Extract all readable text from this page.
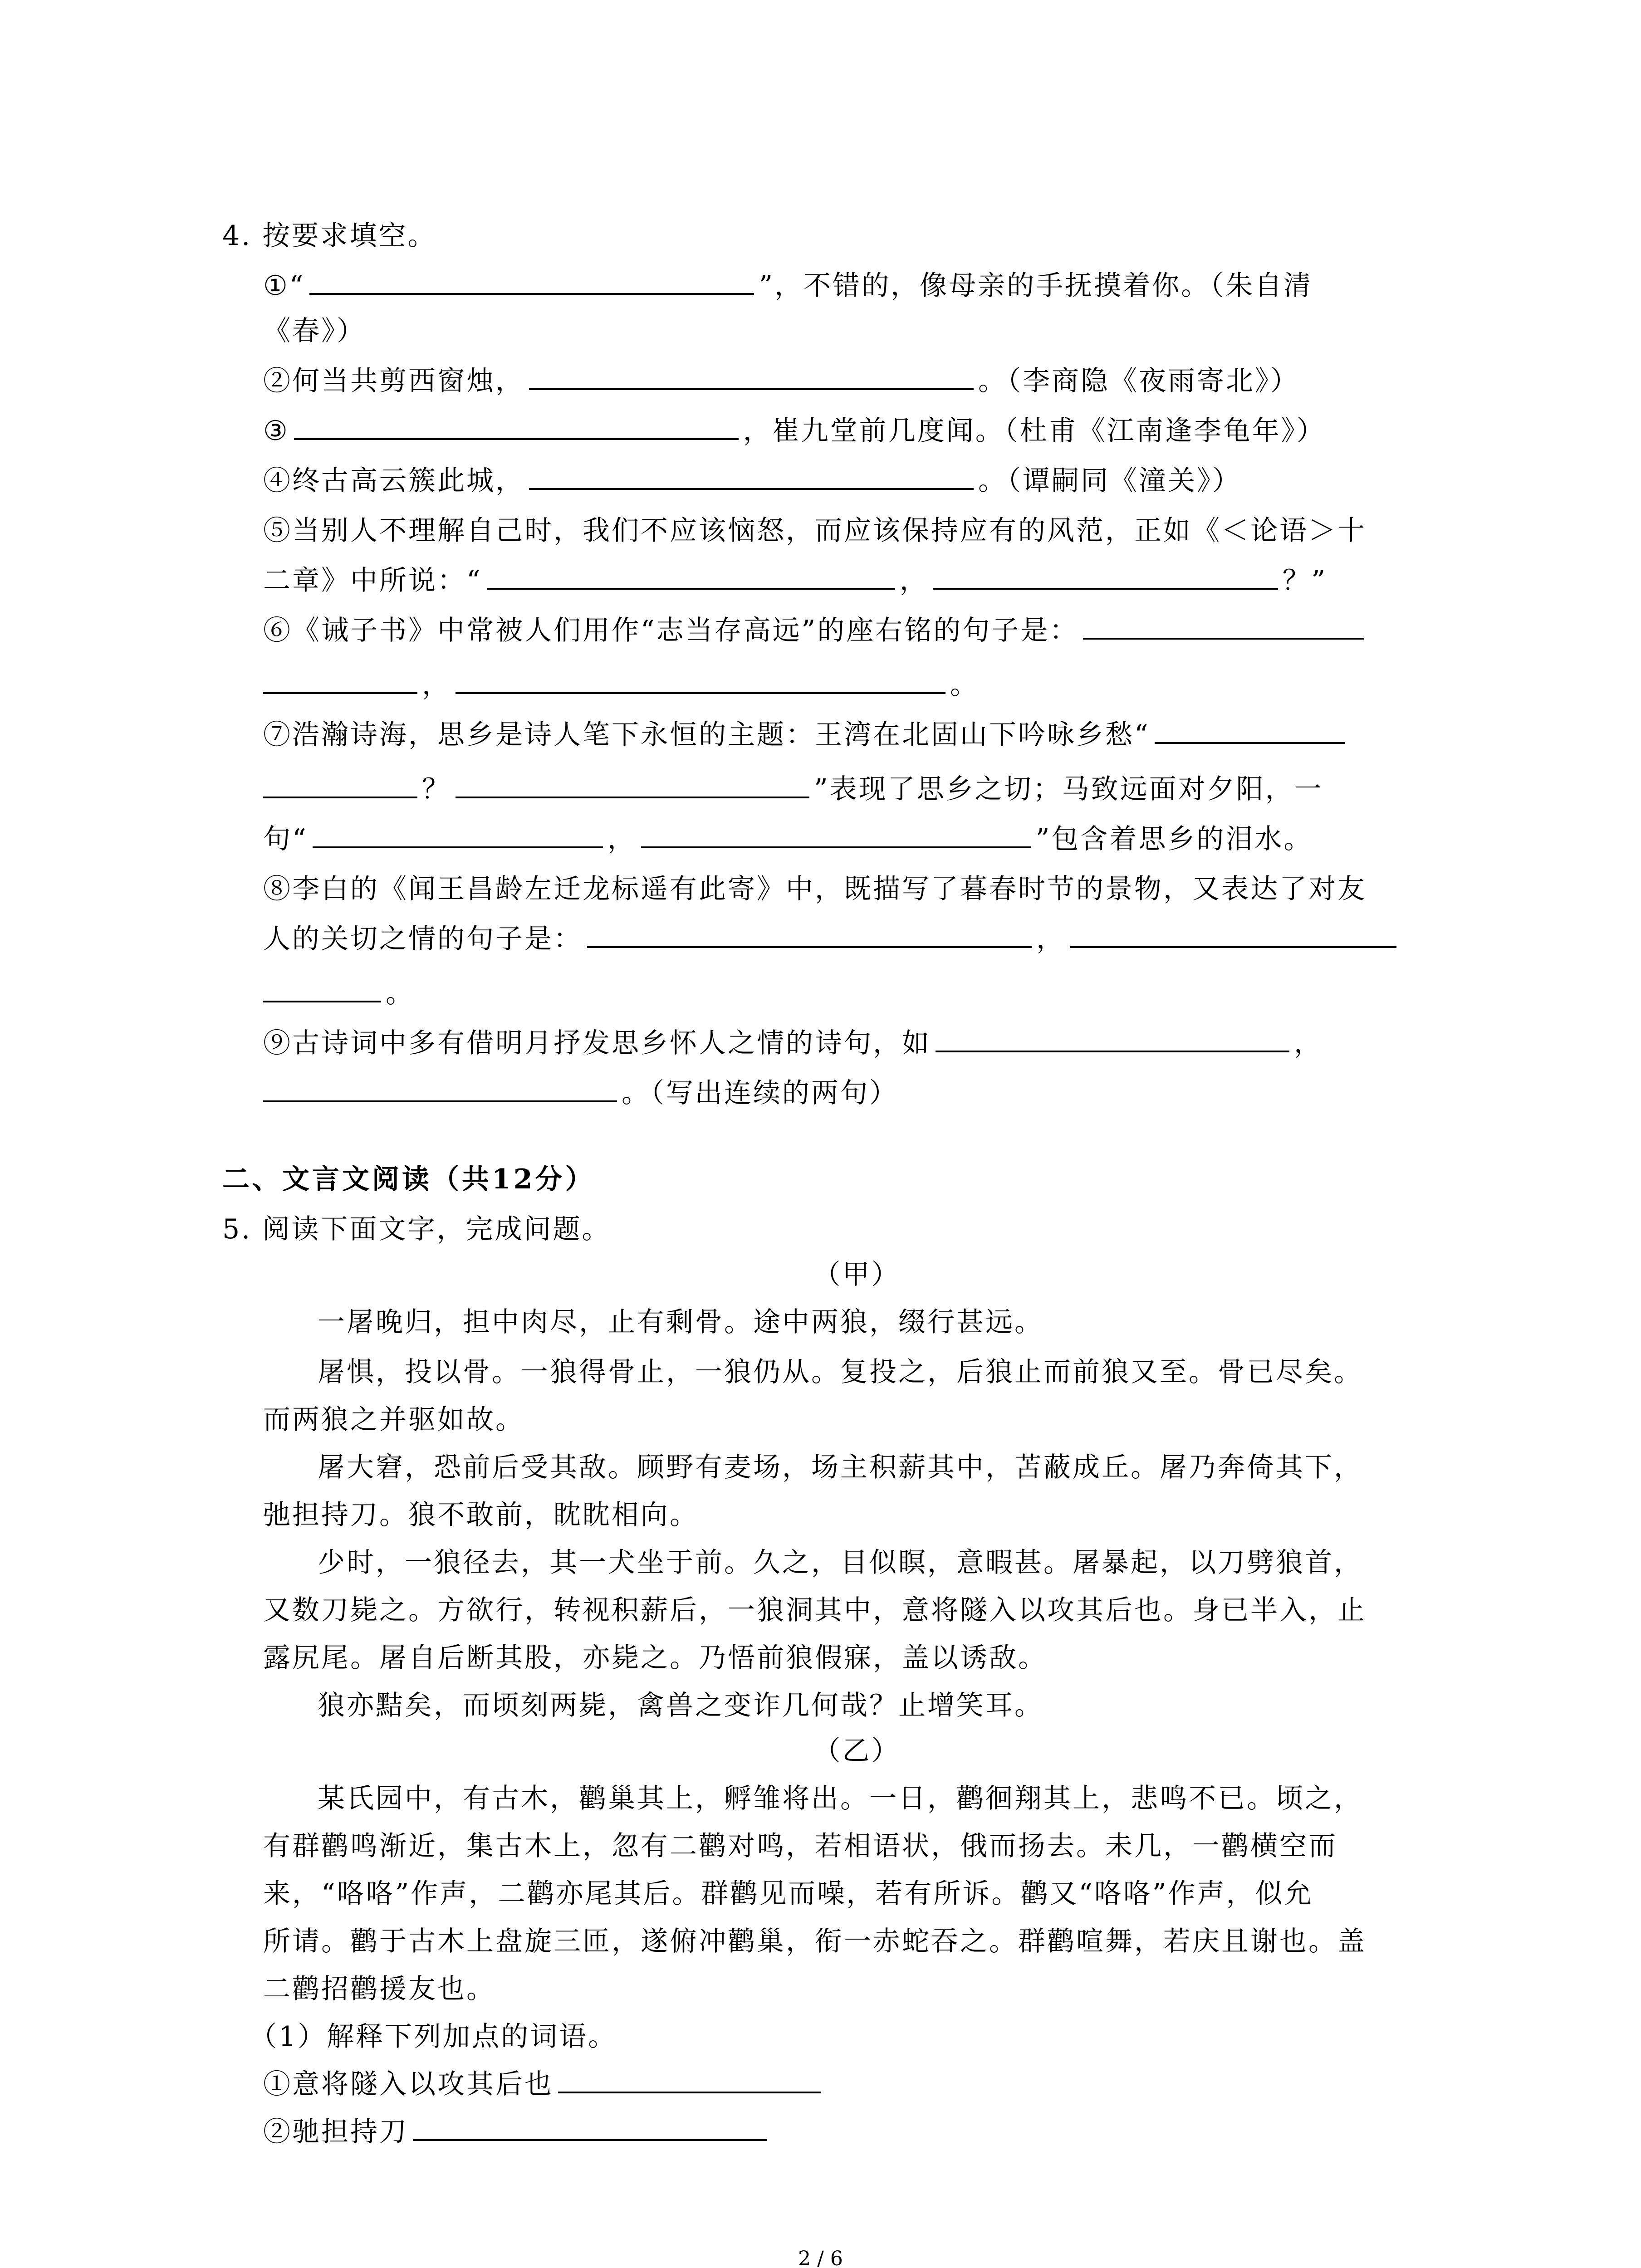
4. 按要求填空。
①“	”，不错的，像母亲的手抚摸着你。（朱自清
《春》）
②何当共剪西窗烛，	。（李商隐《夜雨寄北》）
③	，崔九堂前几度闻。（杜甫《江南逢李龟年》）
④终古高云簇此城，	。（谭嗣同《潼关》）
⑤当别人不理解自己时，我们不应该恼怒，而应该保持应有的风范，正如《＜论语＞十
二章》中所说：“	，	？”
⑥《诫子书》中常被人们用作“志当存高远”的座右铭的句子是：
，	。
⑦浩瀚诗海，思乡是诗人笔下永恒的主题：王湾在北固山下吟咏乡愁“
？	”表现了思乡之切；马致远面对夕阳，一
句“	，	”包含着思乡的泪水。
⑧李白的《闻王昌龄左迁龙标遥有此寄》中，既描写了暮春时节的景物，又表达了对友
人的关切之情的句子是：	，
。
⑨古诗词中多有借明月抒发思乡怀人之情的诗句，如	，
。（写出连续的两句）
二、文言文阅读（共12分）
5. 阅读下面文字，完成问题。
（甲）
一屠晚归，担中肉尽，止有剩骨。途中两狼，缀行甚远。
屠惧，投以骨。一狼得骨止，一狼仍从。复投之，后狼止而前狼又至。骨已尽矣。
而两狼之并驱如故。
屠大窘，恐前后受其敌。顾野有麦场，场主积薪其中，苫蔽成丘。屠乃奔倚其下，
弛担持刀。狼不敢前，眈眈相向。
少时，一狼径去，其一犬坐于前。久之，目似瞑，意暇甚。屠暴起，以刀劈狼首，
又数刀毙之。方欲行，转视积薪后，一狼洞其中，意将隧入以攻其后也。身已半入，止
露尻尾。屠自后断其股，亦毙之。乃悟前狼假寐，盖以诱敌。
狼亦黠矣，而顷刻两毙，禽兽之变诈几何哉？止增笑耳。
（乙）
某氏园中，有古木，鹳巢其上，孵雏将出。一日，鹳徊翔其上，悲鸣不已。顷之，
有群鹳鸣渐近，集古木上，忽有二鹳对鸣，若相语状，俄而扬去。未几，一鹳横空而
来，“咯咯”作声，二鹳亦尾其后。群鹳见而噪，若有所诉。鹳又“咯咯”作声，似允
所请。鹳于古木上盘旋三匝，遂俯冲鹳巢，衔一赤蛇吞之。群鹳喧舞，若庆且谢也。盖
二鹳招鹳援友也。
（1）解释下列加点的词语。
①意将隧入以攻其后也
②驰担持刀
2 / 6
